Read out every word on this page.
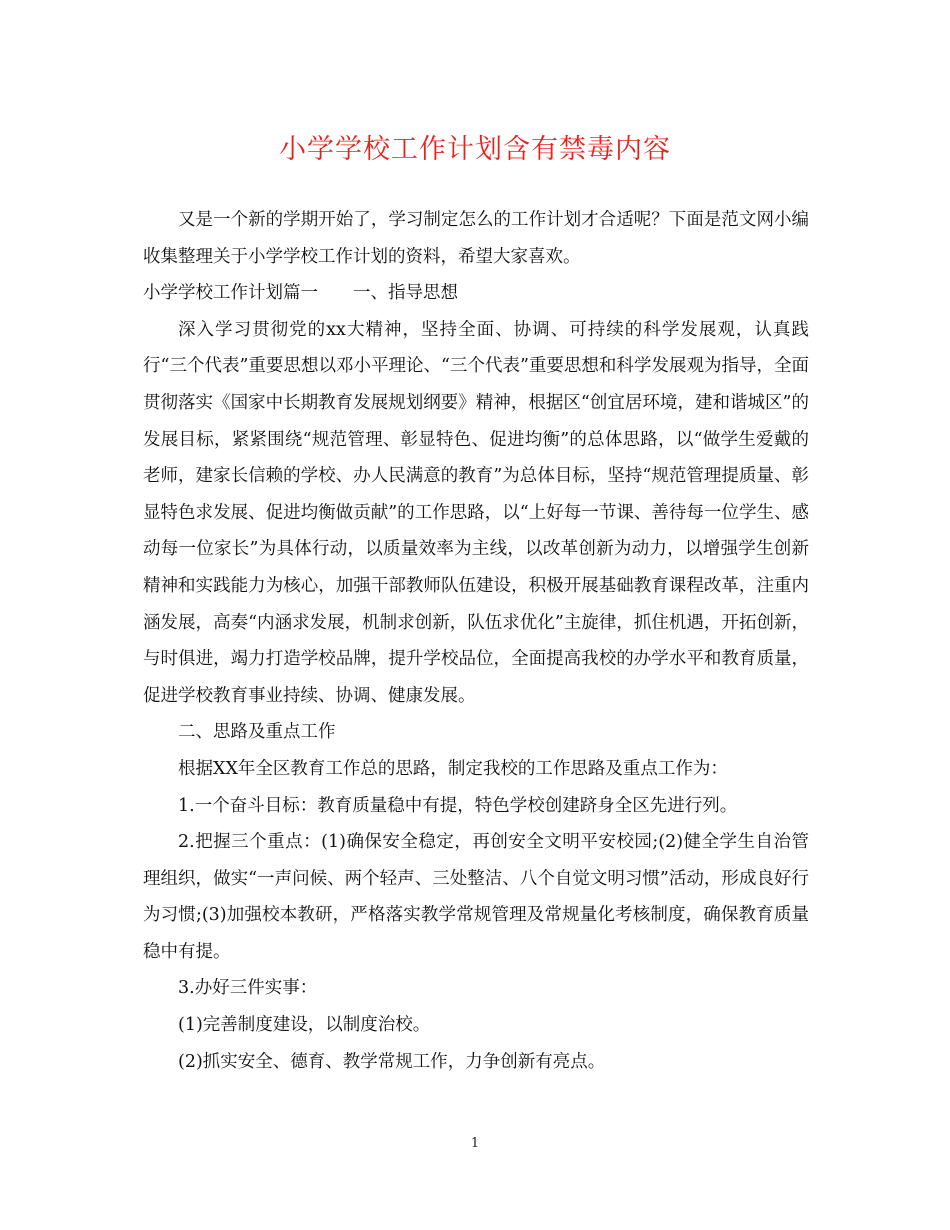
小学学校工作计划含有禁毒内容

又是一个新的学期开始了，学习制定怎么的工作计划才合适呢？下面是范文网小编收集整理关于小学学校工作计划的资料，希望大家喜欢。

小学学校工作计划篇一　　一、指导思想

深入学习贯彻党的xx大精神，坚持全面、协调、可持续的科学发展观，认真践行“三个代表”重要思想以邓小平理论、“三个代表”重要思想和科学发展观为指导，全面贯彻落实《国家中长期教育发展规划纲要》精神，根据区“创宜居环境，建和谐城区”的发展目标，紧紧围绕“规范管理、彰显特色、促进均衡”的总体思路，以“做学生爱戴的老师，建家长信赖的学校、办人民满意的教育”为总体目标，坚持“规范管理提质量、彰显特色求发展、促进均衡做贡献”的工作思路，以“上好每一节课、善待每一位学生、感动每一位家长”为具体行动，以质量效率为主线，以改革创新为动力，以增强学生创新精神和实践能力为核心，加强干部教师队伍建设，积极开展基础教育课程改革，注重内涵发展，高奏“内涵求发展，机制求创新，队伍求优化”主旋律，抓住机遇，开拓创新，与时俱进，竭力打造学校品牌，提升学校品位，全面提高我校的办学水平和教育质量，促进学校教育事业持续、协调、健康发展。

二、思路及重点工作

根据XX年全区教育工作总的思路，制定我校的工作思路及重点工作为：

1.一个奋斗目标：教育质量稳中有提，特色学校创建跻身全区先进行列。

2.把握三个重点：(1)确保安全稳定，再创安全文明平安校园;(2)健全学生自治管理组织，做实“一声问候、两个轻声、三处整洁、八个自觉文明习惯”活动，形成良好行为习惯;(3)加强校本教研，严格落实教学常规管理及常规量化考核制度，确保教育质量稳中有提。

3.办好三件实事：

(1)完善制度建设，以制度治校。

(2)抓实安全、德育、教学常规工作，力争创新有亮点。

1
